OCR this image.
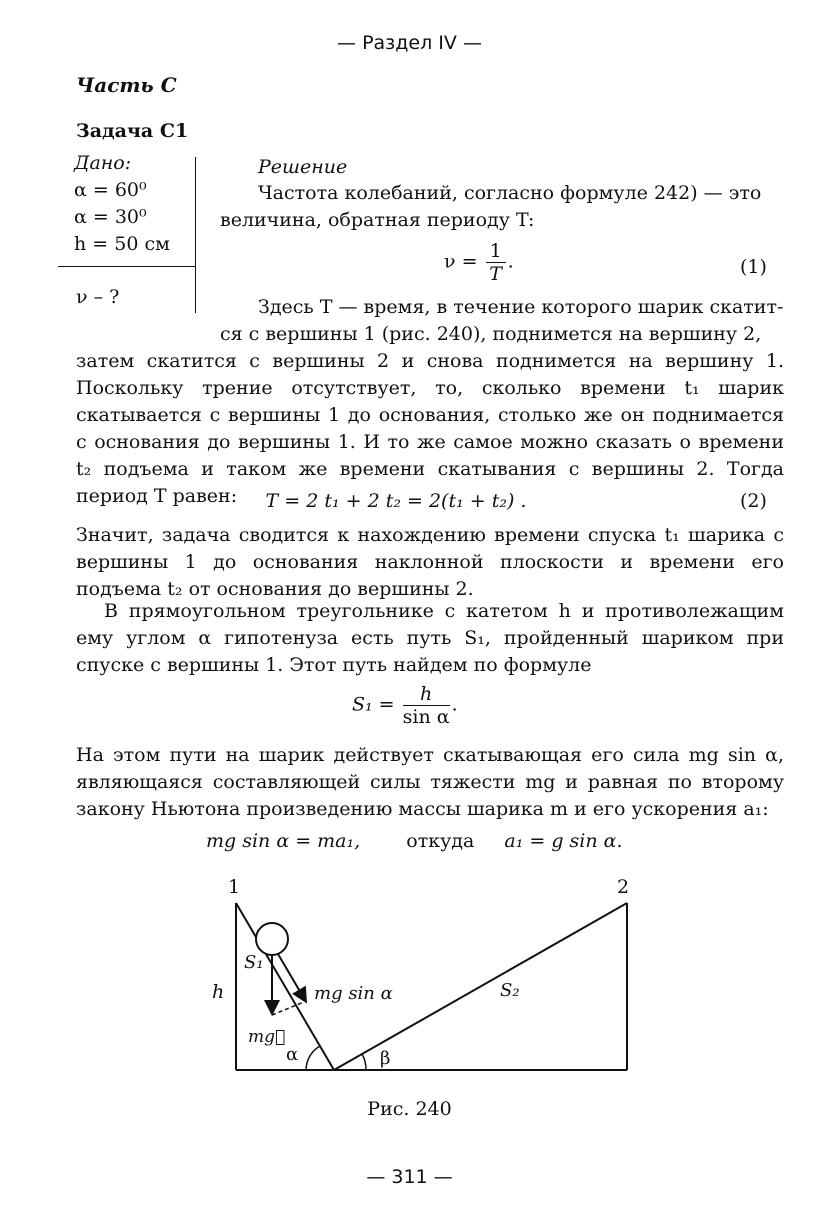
— Раздел IV —
Часть C
Задача С1
Дано:
α = 60⁰
α = 30⁰
h = 50 см
ν – ?
Решение
Частота колебаний, согласно формуле 242) — это
величина, обратная периоду T:
$\nu = \frac{1}{T}$ .	(1)
Здесь T — время, в течение которого шарик скатит-
ся с вершины 1 (рис. 240), поднимется на вершину 2,
затем скатится с вершины 2 и снова поднимется на вершину 1. Поскольку трение отсутствует, то, сколько времени t₁ шарик скатывается с вершины 1 до основания, столько же он поднимается с основания до вершины 1. И то же самое можно сказать о времени t₂ подъема и таком же времени скатывания с вершины 2. Тогда период T равен:	T = 2 t₁ + 2 t₂ = 2(t₁ + t₂) .	(2)
Значит, задача сводится к нахождению времени спуска t₁ шарика с вершины 1 до основания наклонной плоскости и времени его подъема t₂ от основания до вершины 2.
В прямоугольном треугольнике с катетом h и противолежащим ему углом α гипотенуза есть путь S₁, пройденный шариком при спуске с вершины 1. Этот путь найдем по формуле
$S_1 = \frac{h}{\text{sin α}}$ .
На этом пути на шарик действует скатывающая его сила mg sin α, являющаяся составляющей силы тяжести mg и равная по второму закону Ньютона произведению массы шарика m и его ускорения a₁:
mg sin α = ma₁, откуда a₁ = g sin α.
1	2
h
S₁
S₂
mg sin α
mg⃗
α	β
Рис. 240
— 311 —
